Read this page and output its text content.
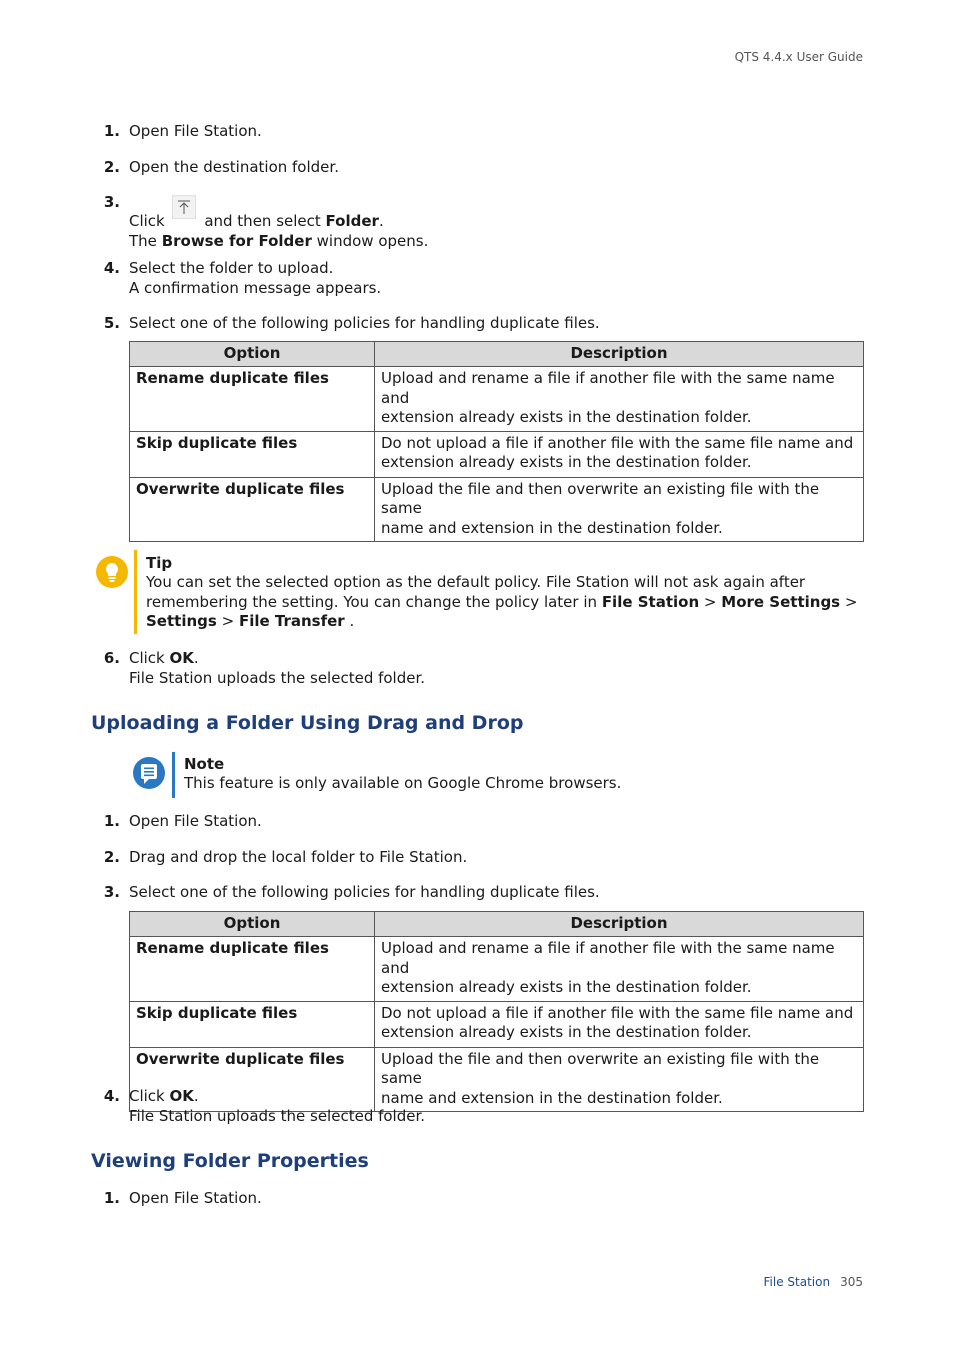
QTS 4.4.x User Guide
1. Open File Station.
2. Open the destination folder.
3.
Click	and then select Folder.
The Browse for Folder window opens.
4. Select the folder to upload.
A confirmation message appears.
5. Select one of the following policies for handling duplicate files.
Option	Description
Rename duplicate files	Upload and rename a file if another file with the same name and
extension already exists in the destination folder.
Skip duplicate files	Do not upload a file if another file with the same file name and
extension already exists in the destination folder.
Overwrite duplicate files	Upload the file and then overwrite an existing file with the same
name and extension in the destination folder.
Tip
You can set the selected option as the default policy. File Station will not ask again after
remembering the setting. You can change the policy later in File Station > More Settings >
Settings > File Transfer .
6. Click OK.
File Station uploads the selected folder.
Uploading a Folder Using Drag and Drop
Note
This feature is only available on Google Chrome browsers.
1. Open File Station.
2. Drag and drop the local folder to File Station.
3. Select one of the following policies for handling duplicate files.
Option	Description
Rename duplicate files	Upload and rename a file if another file with the same name and
extension already exists in the destination folder.
Skip duplicate files	Do not upload a file if another file with the same file name and
extension already exists in the destination folder.
Overwrite duplicate files	Upload the file and then overwrite an existing file with the same
name and extension in the destination folder.
4. Click OK.
File Station uploads the selected folder.
Viewing Folder Properties
1. Open File Station.
File Station 305
